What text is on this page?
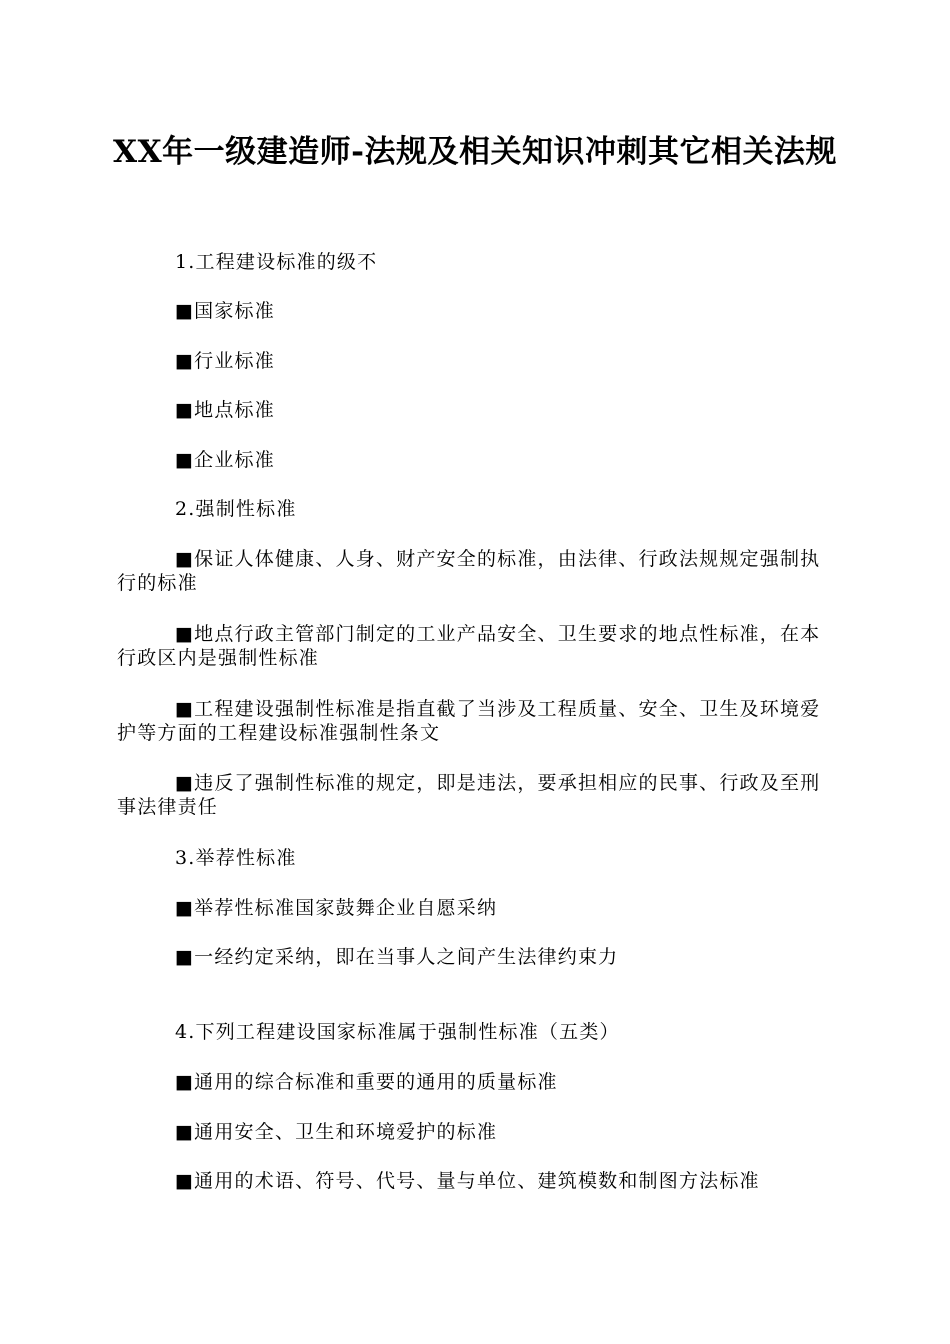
XX年一级建造师-法规及相关知识冲刺其它相关法规

1.工程建设标准的级不

■国家标准

■行业标准

■地点标准

■企业标准

2.强制性标准

■保证人体健康、人身、财产安全的标准，由法律、行政法规规定强制执行的标准

■地点行政主管部门制定的工业产品安全、卫生要求的地点性标准，在本行政区内是强制性标准

■工程建设强制性标准是指直截了当涉及工程质量、安全、卫生及环境爱护等方面的工程建设标准强制性条文

■违反了强制性标准的规定，即是违法，要承担相应的民事、行政及至刑事法律责任

3.举荐性标准

■举荐性标准国家鼓舞企业自愿采纳

■一经约定采纳，即在当事人之间产生法律约束力

4.下列工程建设国家标准属于强制性标准（五类）

■通用的综合标准和重要的通用的质量标准

■通用安全、卫生和环境爱护的标准

■通用的术语、符号、代号、量与单位、建筑模数和制图方法标准
